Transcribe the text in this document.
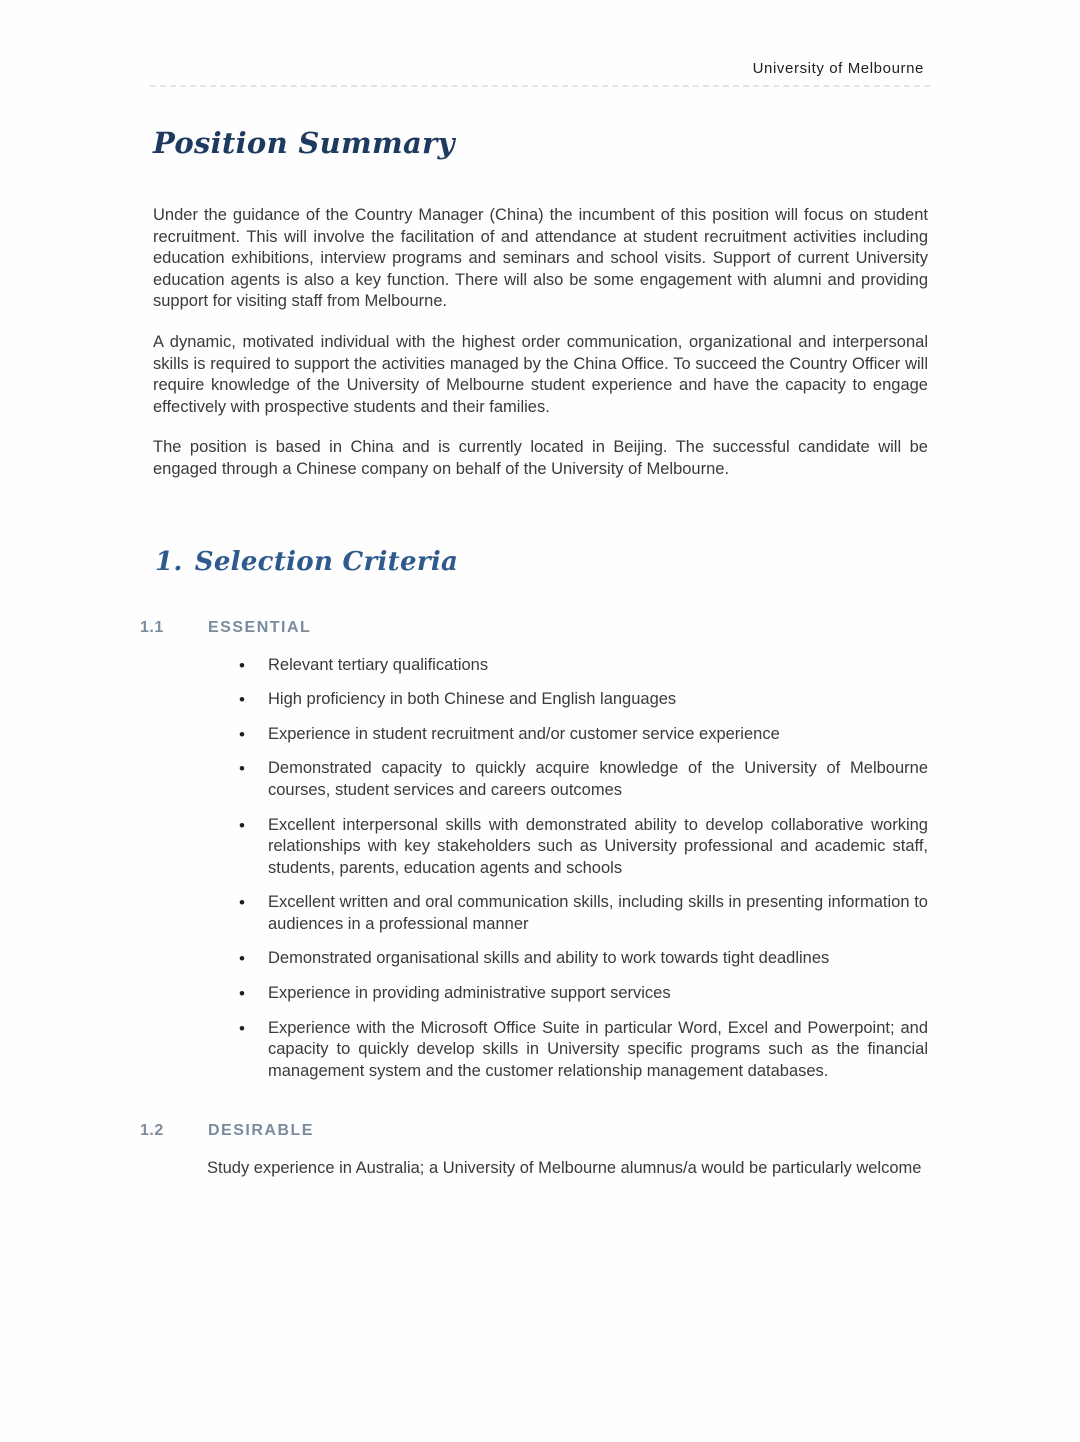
University of Melbourne
Position Summary

Under the guidance of the Country Manager (China) the incumbent of this position will focus on student recruitment. This will involve the facilitation of and attendance at student recruitment activities including education exhibitions, interview programs and seminars and school visits. Support of current University education agents is also a key function. There will also be some engagement with alumni and providing support for visiting staff from Melbourne.

A dynamic, motivated individual with the highest order communication, organizational and interpersonal skills is required to support the activities managed by the China Office. To succeed the Country Officer will require knowledge of the University of Melbourne student experience and have the capacity to engage effectively with prospective students and their families.

The position is based in China and is currently located in Beijing. The successful candidate will be engaged through a Chinese company on behalf of the University of Melbourne.

1. Selection Criteria
1.1	ESSENTIAL
• Relevant tertiary qualifications
• High proficiency in both Chinese and English languages
• Experience in student recruitment and/or customer service experience
• Demonstrated capacity to quickly acquire knowledge of the University of Melbourne courses, student services and careers outcomes
• Excellent interpersonal skills with demonstrated ability to develop collaborative working relationships with key stakeholders such as University professional and academic staff, students, parents, education agents and schools
• Excellent written and oral communication skills, including skills in presenting information to audiences in a professional manner
• Demonstrated organisational skills and ability to work towards tight deadlines
• Experience in providing administrative support services
• Experience with the Microsoft Office Suite in particular Word, Excel and Powerpoint; and capacity to quickly develop skills in University specific programs such as the financial management system and the customer relationship management databases.
1.2	DESIRABLE

Study experience in Australia; a University of Melbourne alumnus/a would be particularly welcome
